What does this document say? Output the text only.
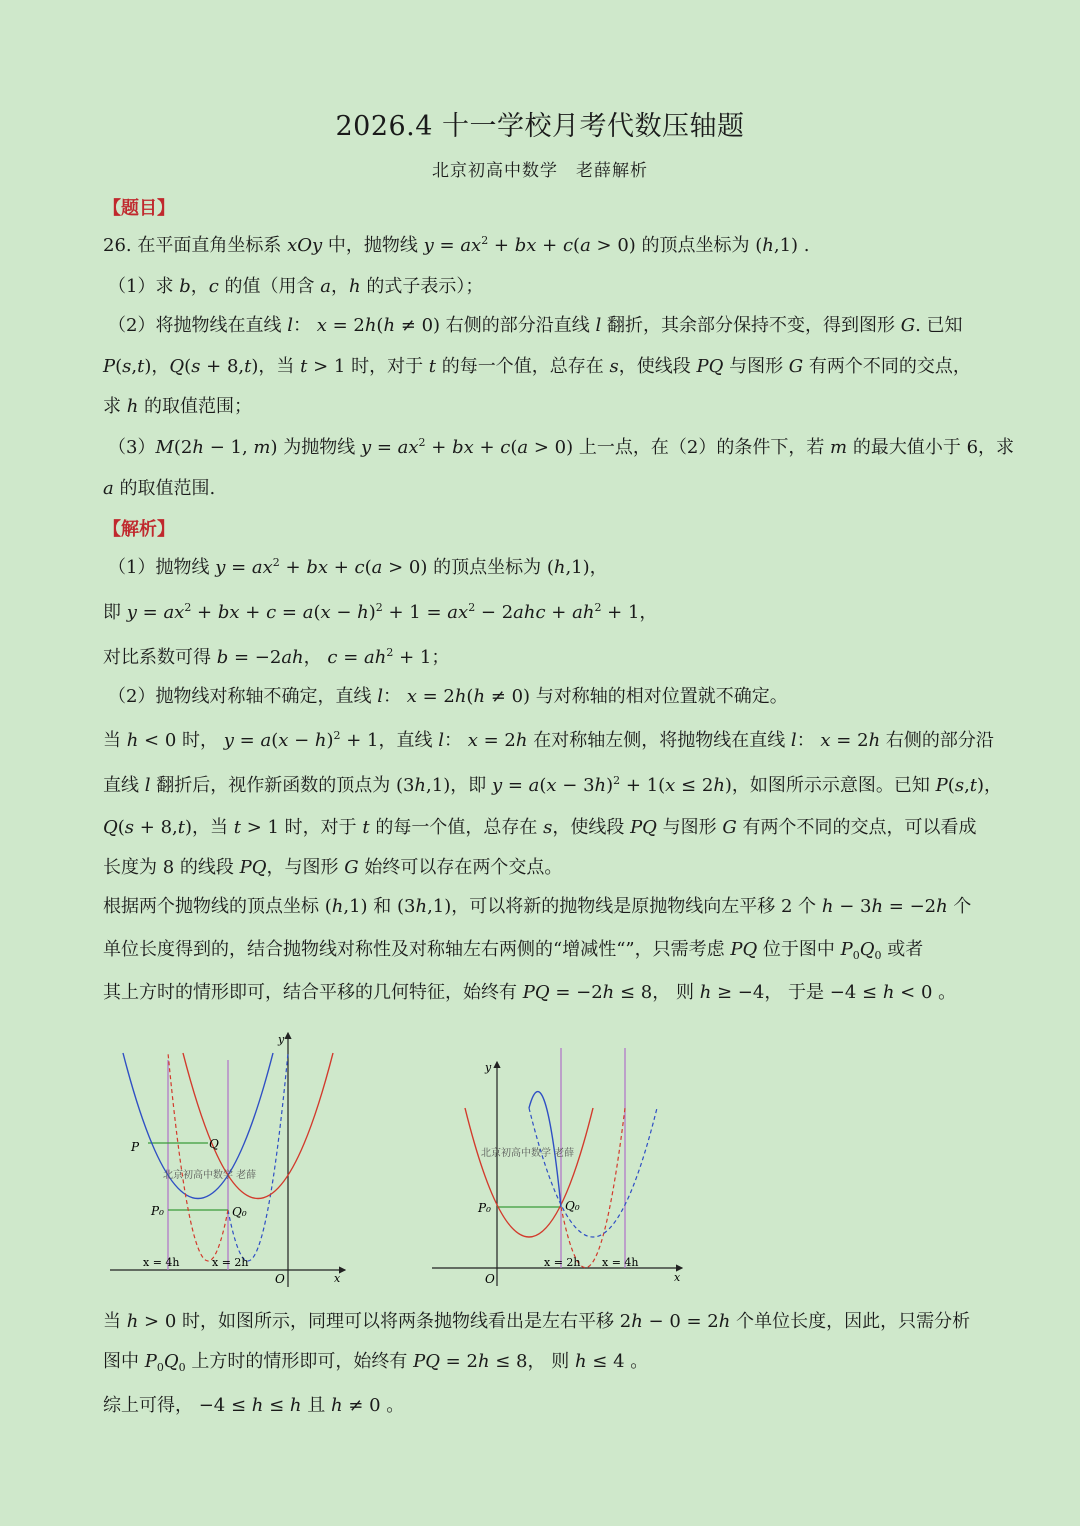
2026.4 十一学校月考代数压轴题
北京初高中数学　老薛解析
【题目】
26. 在平面直角坐标系 xOy 中，抛物线 $y = ax^2$ + bx + c(a > 0) 的顶点坐标为 (h,1) .
（1）求 b，c 的值（用含 a，h 的式子表示）；
（2）将抛物线在直线 l： x = 2h(h ≠ 0) 右侧的部分沿直线 l 翻折，其余部分保持不变，得到图形 G. 已知
P(s,t)，Q(s + 8,t)，当 t > 1 时，对于 t 的每一个值，总存在 s，使线段 PQ 与图形 G 有两个不同的交点，
求 h 的取值范围；
（3）M(2h − 1, m) 为抛物线 $y = ax^2$ + bx + c(a > 0) 上一点，在（2）的条件下，若 m 的最大值小于 6，求
a 的取值范围.
【解析】
（1）抛物线 $y = ax^2$ + bx + c(a > 0) 的顶点坐标为 (h,1)，
即 $y = ax^2$ + bx + $c = a(x - h)^2 + 1 = ax^2 - 2ahc + ah^2 + 1$，
对比系数可得 b = −2ah， $c = ah^2 + 1$；
（2）抛物线对称轴不确定，直线 l： x = 2h(h ≠ 0) 与对称轴的相对位置就不确定。
当 h < 0 时， $y = a(x - h)^2 + 1$，直线 l： x = 2h 在对称轴左侧，将抛物线在直线 l： x = 2h 右侧的部分沿
直线 l 翻折后，视作新函数的顶点为 (3h,1)，即 $y = a(x - 3h)^2 + 1(x \le 2h)$，如图所示示意图。已知 P(s,t)，
Q(s + 8,t)，当 t > 1 时，对于 t 的每一个值，总存在 s，使线段 PQ 与图形 G 有两个不同的交点，可以看成
长度为 8 的线段 PQ，与图形 G 始终可以存在两个交点。
根据两个抛物线的顶点坐标 (h,1) 和 (3h,1)，可以将新的抛物线是原抛物线向左平移 2 个 h − 3h = −2h 个
单位长度得到的，结合抛物线对称性及对称轴左右两侧的“增减性“”，只需考虑 PQ 位于图中 $P_0Q_0$ 或者
其上方时的情形即可，结合平移的几何特征，始终有 PQ = −2h ≤ 8， 则 h ≥ −4， 于是 −4 ≤ h < 0 。
y
x
O
P	Q
P₀	Q₀
x = 4h	x = 2h
北京初高中数学 老薛
y
x
O
P₀	Q₀
x = 2h x = 4h
北京初高中数学 老薛
当 h > 0 时，如图所示，同理可以将两条抛物线看出是左右平移 2h − 0 = 2h 个单位长度，因此，只需分析
图中 $P_0Q_0$ 上方时的情形即可，始终有 PQ = 2h ≤ 8， 则 h ≤ 4 。
综上可得， −4 ≤ h ≤ h 且 h ≠ 0 。
